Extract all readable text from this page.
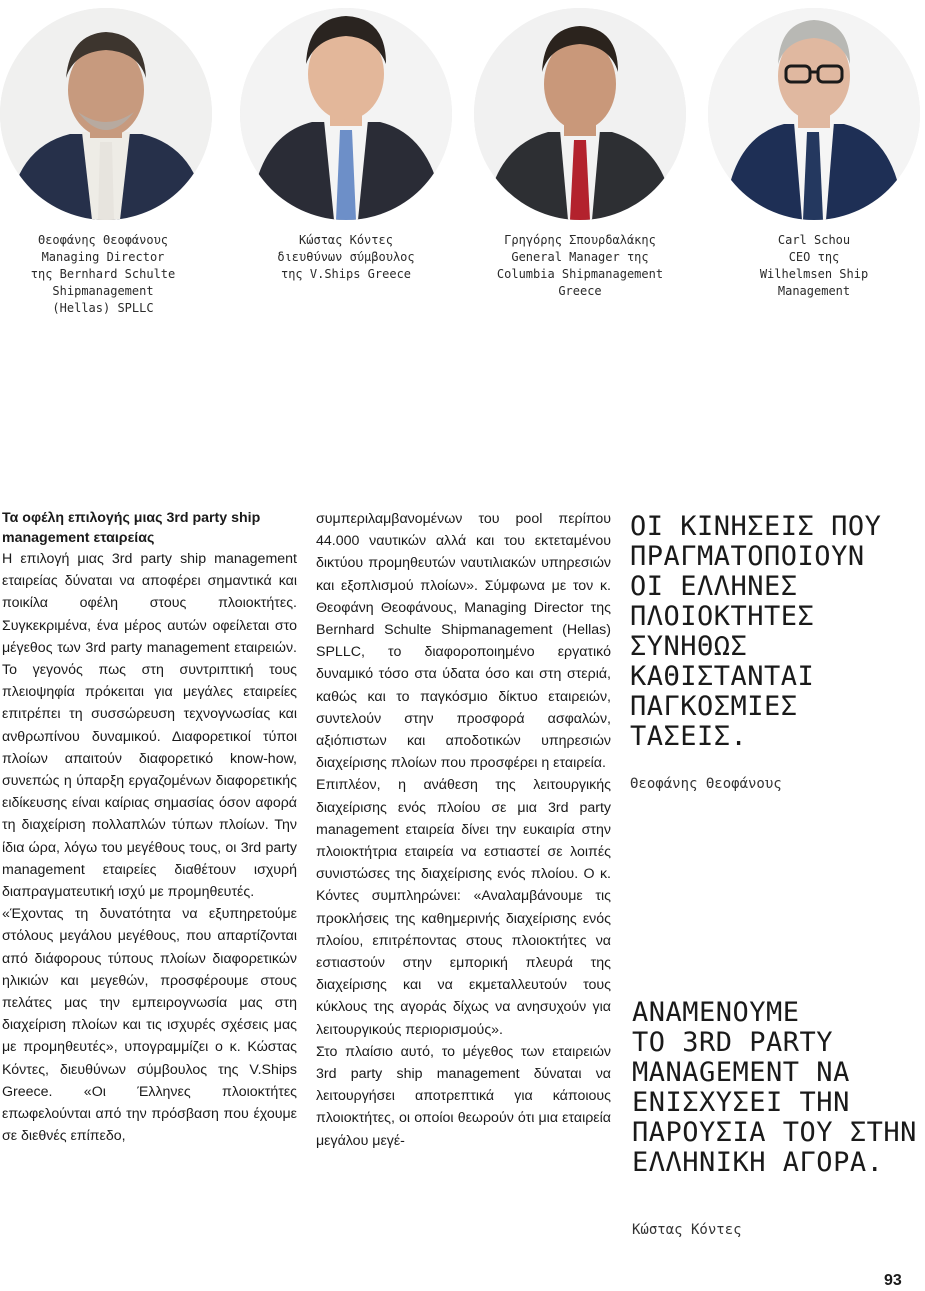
Θεοφάνης Θεοφάνους
Managing Director
της Bernhard Schulte
Shipmanagement
(Hellas) SPLLC
Κώστας Κόντες
διευθύνων σύμβουλος
της V.Ships Greece
Γρηγόρης Σπουρδαλάκης
General Manager της
Columbia Shipmanagement
Greece
Carl Schou
CEO της
Wilhelmsen Ship
Management

Τα οφέλη επιλογής μιας 3rd party ship management εταιρείας

Η επιλογή μιας 3rd party ship management εταιρείας δύναται να αποφέρει σημαντικά και ποικίλα οφέλη στους πλοιοκτήτες. Συγκεκριμένα, ένα μέρος αυτών οφείλεται στο μέγεθος των 3rd party management εταιρειών. Το γεγονός πως στη συντριπτική τους πλειοψηφία πρόκειται για μεγάλες εταιρείες επιτρέπει τη συσσώρευση τεχνογνωσίας και ανθρωπίνου δυναμικού. Διαφορετικοί τύποι πλοίων απαιτούν διαφορετικό know-how, συνεπώς η ύπαρξη εργαζομένων διαφορετικής ειδίκευσης είναι καίριας σημασίας όσον αφορά τη διαχείριση πολλαπλών τύπων πλοίων. Την ίδια ώρα, λόγω του μεγέθους τους, οι 3rd party management εταιρείες διαθέτουν ισχυρή διαπραγματευτική ισχύ με προμηθευτές.

«Έχοντας τη δυνατότητα να εξυπηρετούμε στόλους μεγάλου μεγέθους, που απαρτίζονται από διάφορους τύπους πλοίων διαφορετικών ηλικιών και μεγεθών, προσφέρουμε στους πελάτες μας την εμπειρογνωσία μας στη διαχείριση πλοίων και τις ισχυρές σχέσεις μας με προμηθευτές», υπογραμμίζει ο κ. Κώστας Κόντες, διευθύνων σύμβουλος της V.Ships Greece. «Οι Έλληνες πλοιοκτήτες επωφελούνται από την πρόσβαση που έχουμε σε διεθνές επίπεδο,

συμπεριλαμβανομένων του pool περίπου 44.000 ναυτικών αλλά και του εκτεταμένου δικτύου προμηθευτών ναυτιλιακών υπηρεσιών και εξοπλισμού πλοίων». Σύμφωνα με τον κ. Θεοφάνη Θεοφάνους, Managing Director της Bernhard Schulte Shipmanagement (Hellas) SPLLC, το διαφοροποιημένο εργατικό δυναμικό τόσο στα ύδατα όσο και στη στεριά, καθώς και το παγκόσμιο δίκτυο εταιρειών, συντελούν στην προσφορά ασφαλών, αξιόπιστων και αποδοτικών υπηρεσιών διαχείρισης πλοίων που προσφέρει η εταιρεία.

Επιπλέον, η ανάθεση της λειτουργικής διαχείρισης ενός πλοίου σε μια 3rd party management εταιρεία δίνει την ευκαιρία στην πλοιοκτήτρια εταιρεία να εστιαστεί σε λοιπές συνιστώσες της διαχείρισης ενός πλοίου. Ο κ. Κόντες συμπληρώνει: «Αναλαμβάνουμε τις προκλήσεις της καθημερινής διαχείρισης ενός πλοίου, επιτρέποντας στους πλοιοκτήτες να εστιαστούν στην εμπορική πλευρά της διαχείρισης και να εκμεταλλευτούν τους κύκλους της αγοράς δίχως να ανησυχούν για λειτουργικούς περιορισμούς».

Στο πλαίσιο αυτό, το μέγεθος των εταιρειών 3rd party ship management δύναται να λειτουργήσει αποτρεπτικά για κάποιους πλοιοκτήτες, οι οποίοι θεωρούν ότι μια εταιρεία μεγάλου μεγέ-

ΟΙ ΚΙΝΗΣΕΙΣ ΠΟΥ
ΠΡΑΓΜΑΤΟΠΟΙΟΥΝ
ΟΙ ΕΛΛΗΝΕΣ
ΠΛΟΙΟΚΤΗΤΕΣ
ΣΥΝΗΘΩΣ
ΚΑΘΙΣΤΑΝΤΑΙ
ΠΑΓΚΟΣΜΙΕΣ
ΤΑΣΕΙΣ.
Θεοφάνης Θεοφάνους
ΑΝΑΜΕΝΟΥΜΕ
ΤΟ 3RD PARTY
MANAGEMENT ΝΑ
ΕΝΙΣΧΥΣΕΙ ΤΗΝ
ΠΑΡΟΥΣΙΑ ΤΟΥ ΣΤΗΝ
ΕΛΛΗΝΙΚΗ ΑΓΟΡΑ.
Κώστας Κόντες
93
